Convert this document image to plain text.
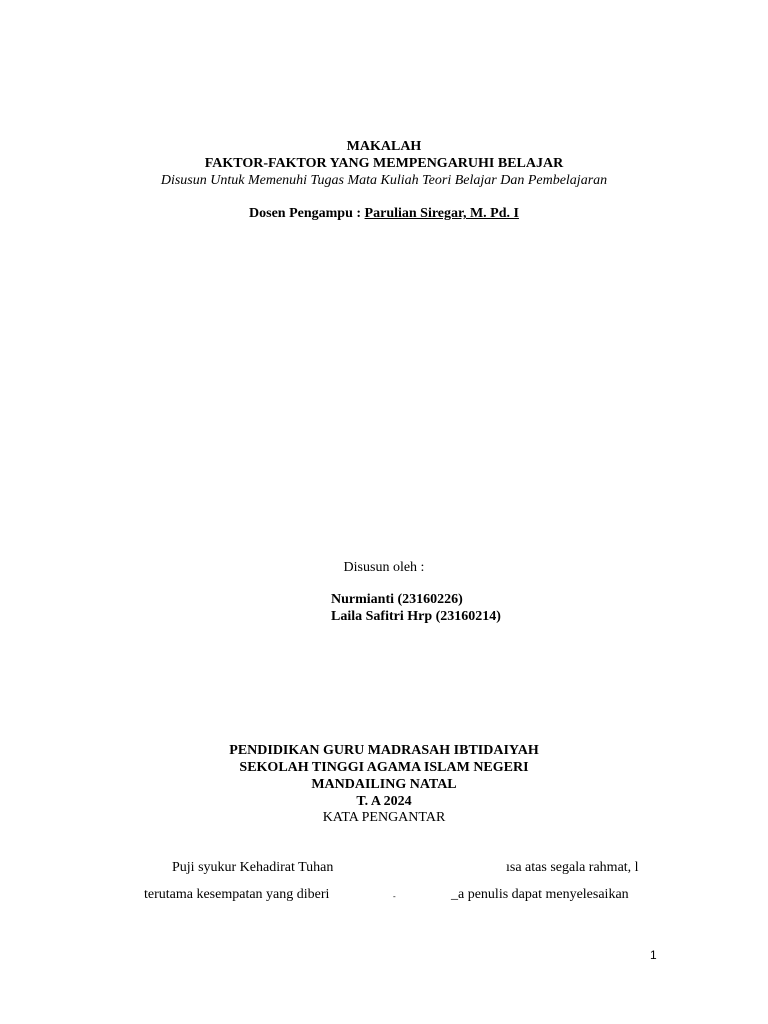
MAKALAH
FAKTOR-FAKTOR YANG MEMPENGARUHI BELAJAR
Disusun Untuk Memenuhi Tugas Mata Kuliah Teori Belajar Dan Pembelajaran
Dosen Pengampu : Parulian Siregar, M. Pd. I
Disusun oleh :
Nurmianti (23160226)
Laila Safitri Hrp (23160214)
PENDIDIKAN GURU MADRASAH IBTIDAIYAH
SEKOLAH TINGGI AGAMA ISLAM NEGERI
MANDAILING NATAL
T. A 2024
KATA PENGANTAR
Puji syukur Kehadirat Tuhan	ısa atas segala rahmat, l
terutama kesempatan yang diberi	-	_a penulis dapat menyelesaikan
1
